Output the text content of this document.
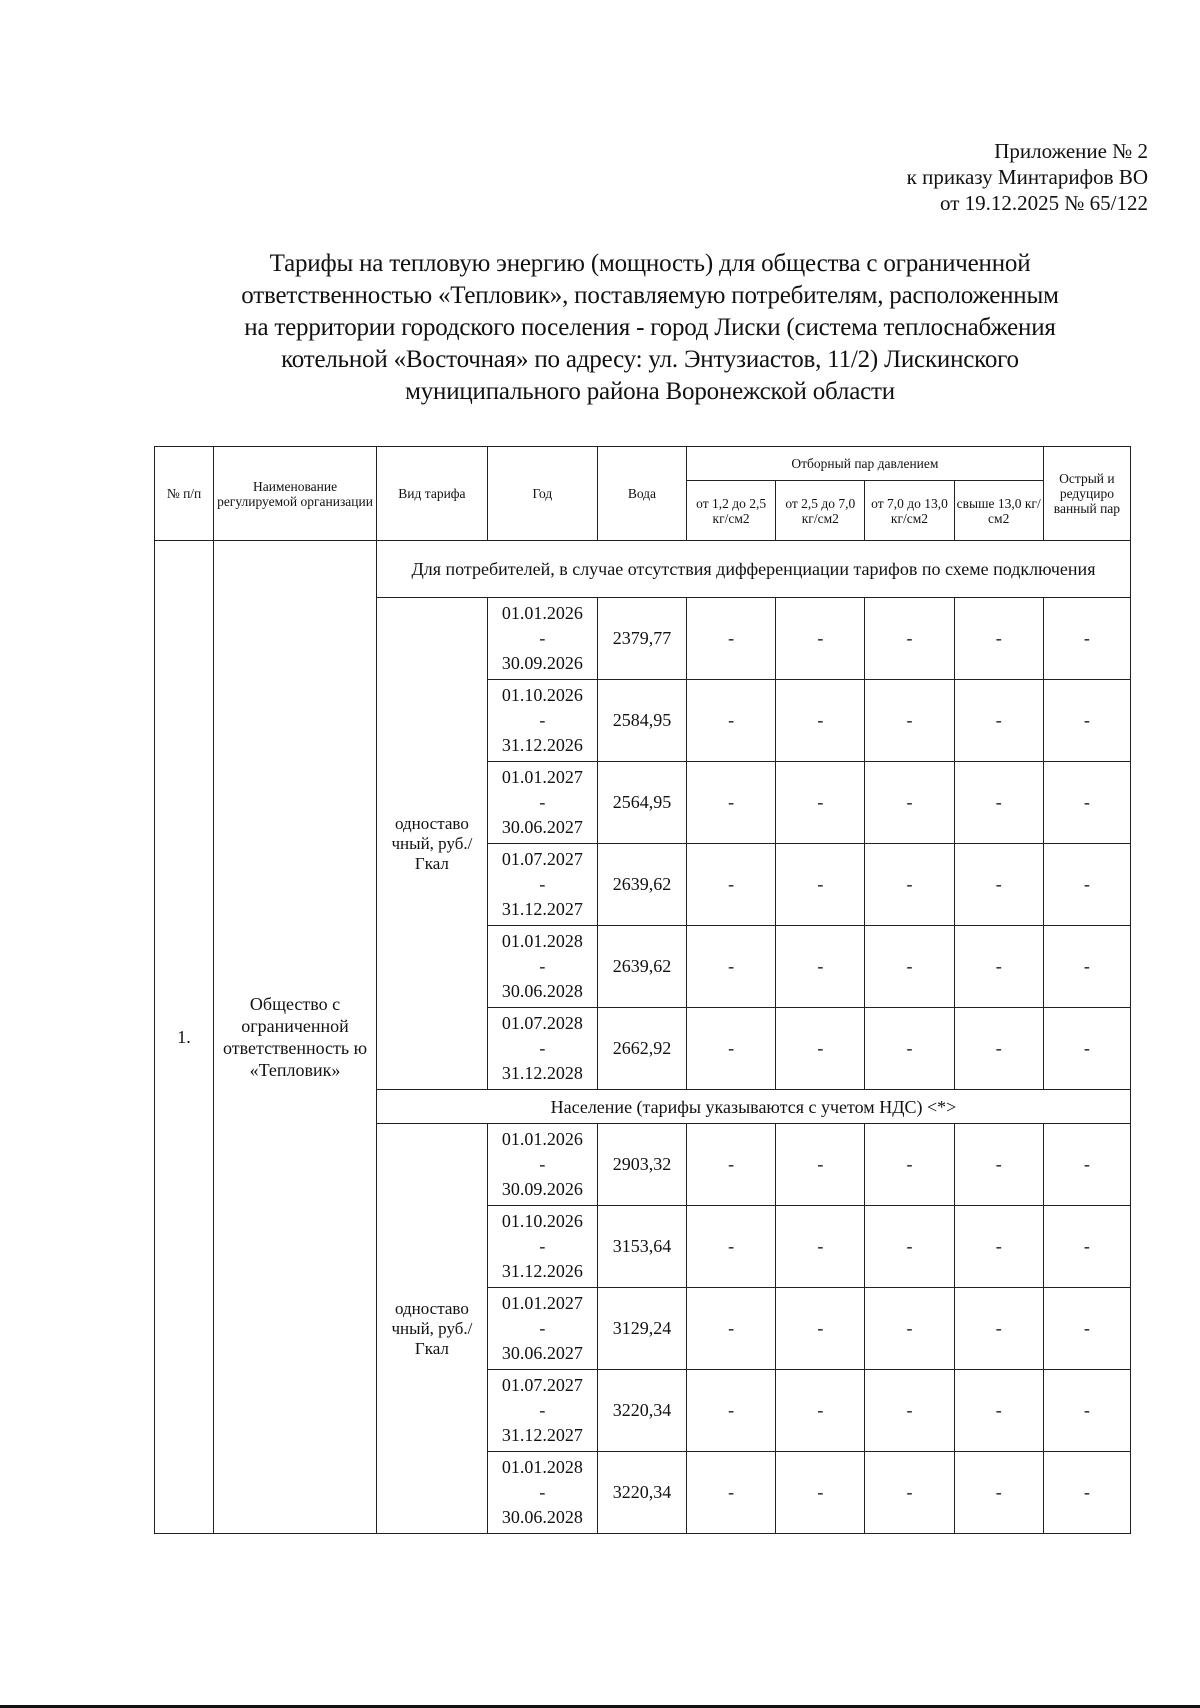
Приложение № 2
к приказу Минтарифов ВО
от 19.12.2025 № 65/122
Тарифы на тепловую энергию (мощность) для общества с ограниченной
ответственностью «Тепловик», поставляемую потребителям, расположенным
на территории городского поселения - город Лиски (система теплоснабжения
котельной «Восточная» по адресу: ул. Энтузиастов, 11/2) Лискинского
муниципального района Воронежской области
№ п/п	Наименование регулируемой организации	Вид тарифа	Год	Вода	Отборный пар давлением				Острый и редуциро ванный пар
					от 1,2 до 2,5 кг/см2	от 2,5 до 7,0 кг/см2	от 7,0 до 13,0 кг/см2	свыше 13,0 кг/см2	
1.	Общество с ограниченной ответственность ю «Тепловик»	Для потребителей, в случае отсутствия дифференциации тарифов по схеме подключения							
		одноставо чный, руб./Гкал	01.01.2026
-
30.09.2026	2379,77	-	-	-	-	-

			01.10.2026
-
31.12.2026	2584,95	-	-	-	-	-

			01.01.2027
-
30.06.2027	2564,95	-	-	-	-	-

			01.07.2027
-
31.12.2027	2639,62	-	-	-	-	-

			01.01.2028
-
30.06.2028	2639,62	-	-	-	-	-

			01.07.2028
-
31.12.2028	2662,92	-	-	-	-	-
		Население (тарифы указываются с учетом НДС) <*>							
		одноставо чный, руб./Гкал	01.01.2026
-
30.09.2026	2903,32	-	-	-	-	-

			01.10.2026
-
31.12.2026	3153,64	-	-	-	-	-

			01.01.2027
-
30.06.2027	3129,24	-	-	-	-	-

			01.07.2027
-
31.12.2027	3220,34	-	-	-	-	-

			01.01.2028
-
30.06.2028	3220,34	-	-	-	-	-
